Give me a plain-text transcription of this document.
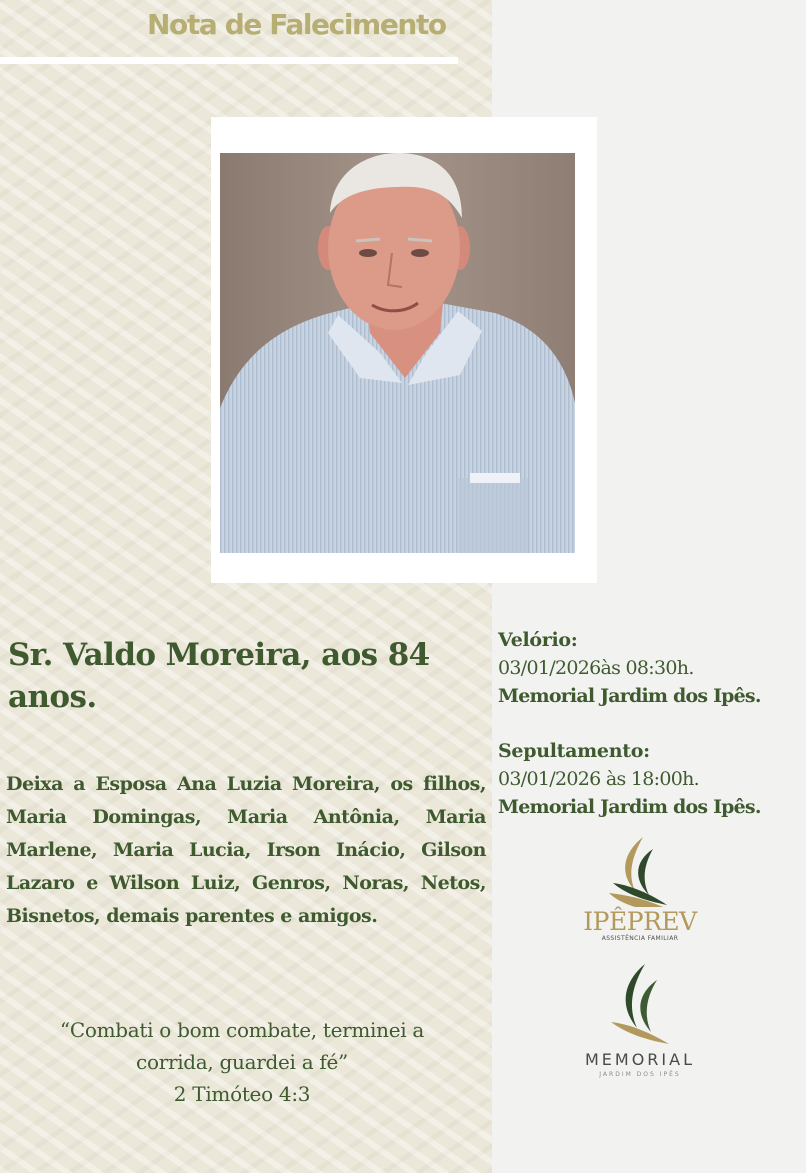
Nota de Falecimento
Sr. Valdo Moreira, aos 84 anos.

Deixa a Esposa Ana Luzia Moreira, os filhos, Maria Domingas, Maria Antônia, Maria Marlene, Maria Lucia, Irson Inácio, Gilson Lazaro e Wilson Luiz, Genros, Noras, Netos, Bisnetos, demais parentes e amigos.

“Combati o bom combate, terminei a
corrida, guardei a fé”
2 Timóteo 4:3
Velório:
03/01/2026às 08:30h.
Memorial Jardim dos Ipês.
Sepultamento:
03/01/2026 às 18:00h.
Memorial Jardim dos Ipês.
IPÊPREV
ASSISTÊNCIA FAMILIAR
MEMORIAL
JARDIM DOS IPÊS
